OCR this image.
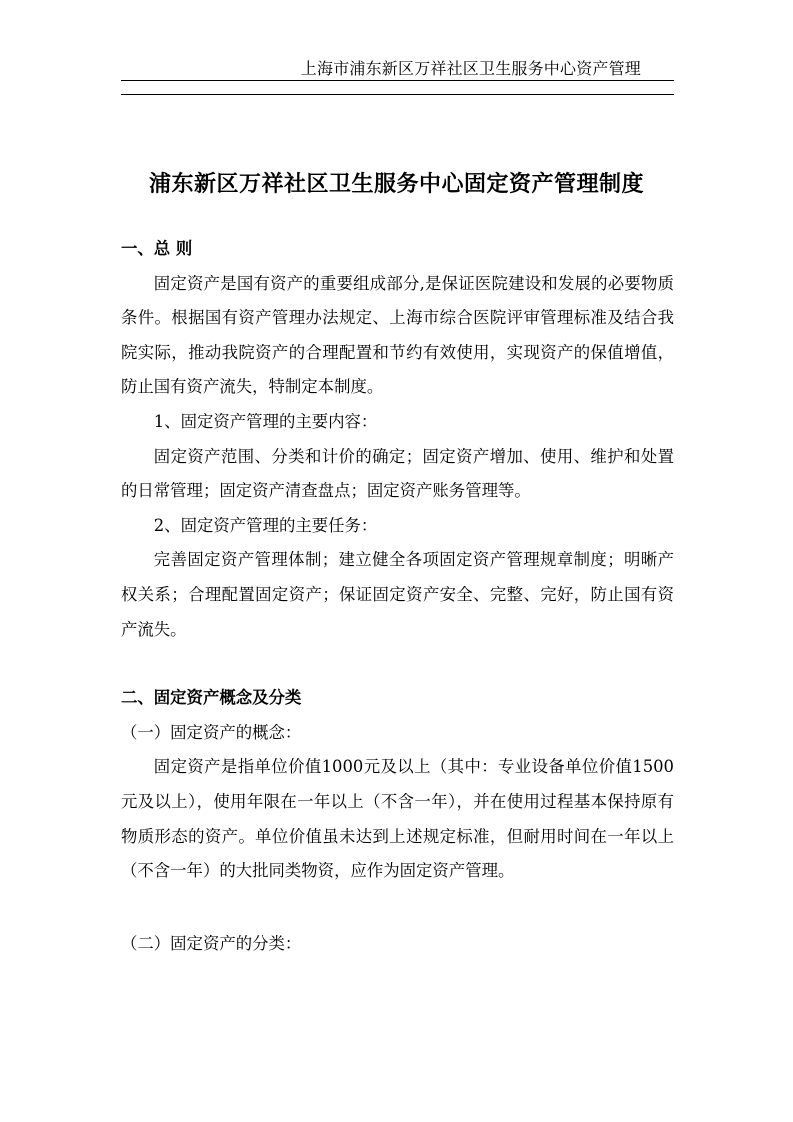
上海市浦东新区万祥社区卫生服务中心资产管理
浦东新区万祥社区卫生服务中心固定资产管理制度

一、总 则

固定资产是国有资产的重要组成部分,是保证医院建设和发展的必要物质条件。根据国有资产管理办法规定、上海市综合医院评审管理标准及结合我院实际，推动我院资产的合理配置和节约有效使用，实现资产的保值增值，防止国有资产流失，特制定本制度。

1、固定资产管理的主要内容：

固定资产范围、分类和计价的确定；固定资产增加、使用、维护和处置的日常管理；固定资产清查盘点；固定资产账务管理等。

2、固定资产管理的主要任务：

完善固定资产管理体制；建立健全各项固定资产管理规章制度；明晰产权关系；合理配置固定资产；保证固定资产安全、完整、完好，防止国有资产流失。

二、固定资产概念及分类

（一）固定资产的概念：

固定资产是指单位价值1000元及以上（其中：专业设备单位价值1500元及以上），使用年限在一年以上（不含一年），并在使用过程基本保持原有物质形态的资产。单位价值虽未达到上述规定标准，但耐用时间在一年以上（不含一年）的大批同类物资，应作为固定资产管理。

（二）固定资产的分类：
